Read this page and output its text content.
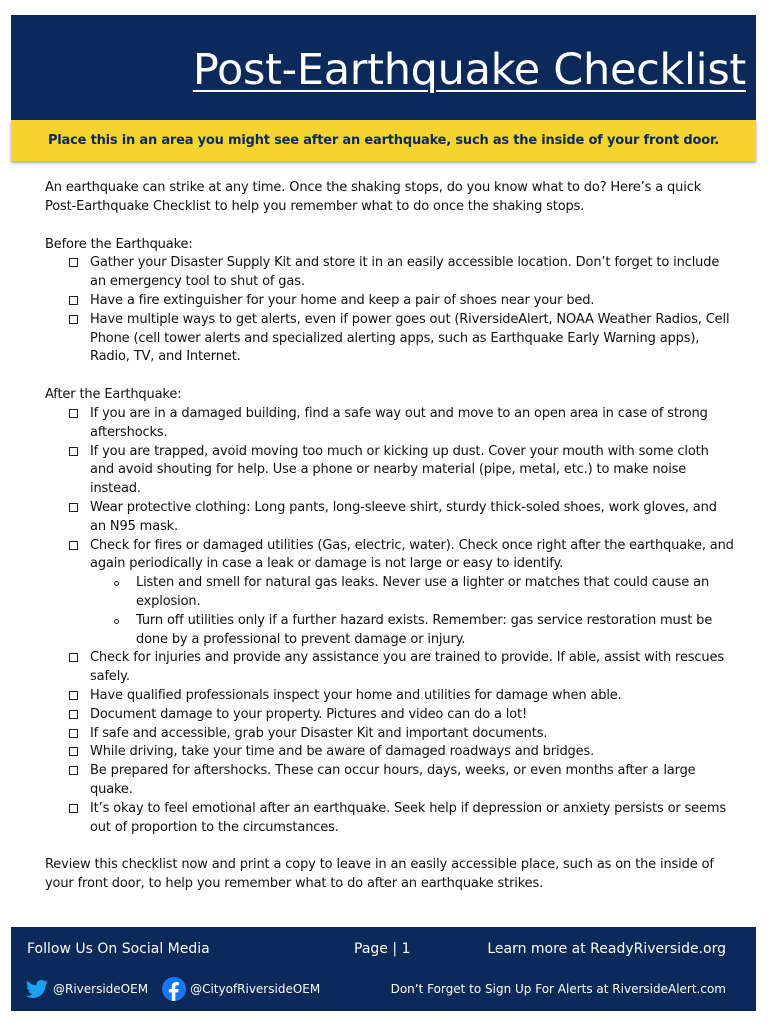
Post-Earthquake Checklist
Place this in an area you might see after an earthquake, such as the inside of your front door.

An earthquake can strike at any time. Once the shaking stops, do you know what to do? Here’s a quick Post-Earthquake Checklist to help you remember what to do once the shaking stops.

Before the Earthquake:

Gather your Disaster Supply Kit and store it in an easily accessible location. Don’t forget to include an emergency tool to shut of gas.
Have a fire extinguisher for your home and keep a pair of shoes near your bed.
Have multiple ways to get alerts, even if power goes out (RiversideAlert, NOAA Weather Radios, Cell Phone (cell tower alerts and specialized alerting apps, such as Earthquake Early Warning apps), Radio, TV, and Internet.

After the Earthquake:

If you are in a damaged building, find a safe way out and move to an open area in case of strong aftershocks.
If you are trapped, avoid moving too much or kicking up dust. Cover your mouth with some cloth and avoid shouting for help. Use a phone or nearby material (pipe, metal, etc.) to make noise instead.
Wear protective clothing: Long pants, long-sleeve shirt, sturdy thick-soled shoes, work gloves, and an N95 mask.
Check for fires or damaged utilities (Gas, electric, water). Check once right after the earthquake, and again periodically in case a leak or damage is not large or easy to identify.
Listen and smell for natural gas leaks. Never use a lighter or matches that could cause an explosion.
Turn off utilities only if a further hazard exists. Remember: gas service restoration must be done by a professional to prevent damage or injury.
Check for injuries and provide any assistance you are trained to provide. If able, assist with rescues safely.
Have qualified professionals inspect your home and utilities for damage when able.
Document damage to your property. Pictures and video can do a lot!
If safe and accessible, grab your Disaster Kit and important documents.
While driving, take your time and be aware of damaged roadways and bridges.
Be prepared for aftershocks. These can occur hours, days, weeks, or even months after a large quake.
It’s okay to feel emotional after an earthquake. Seek help if depression or anxiety persists or seems out of proportion to the circumstances.

Review this checklist now and print a copy to leave in an easily accessible place, such as on the inside of your front door, to help you remember what to do after an earthquake strikes.

Follow Us On Social Media	Page | 1	Learn more at ReadyRiverside.org
@RiversideOEM	@CityofRiversideOEM	Don’t Forget to Sign Up For Alerts at RiversideAlert.com
